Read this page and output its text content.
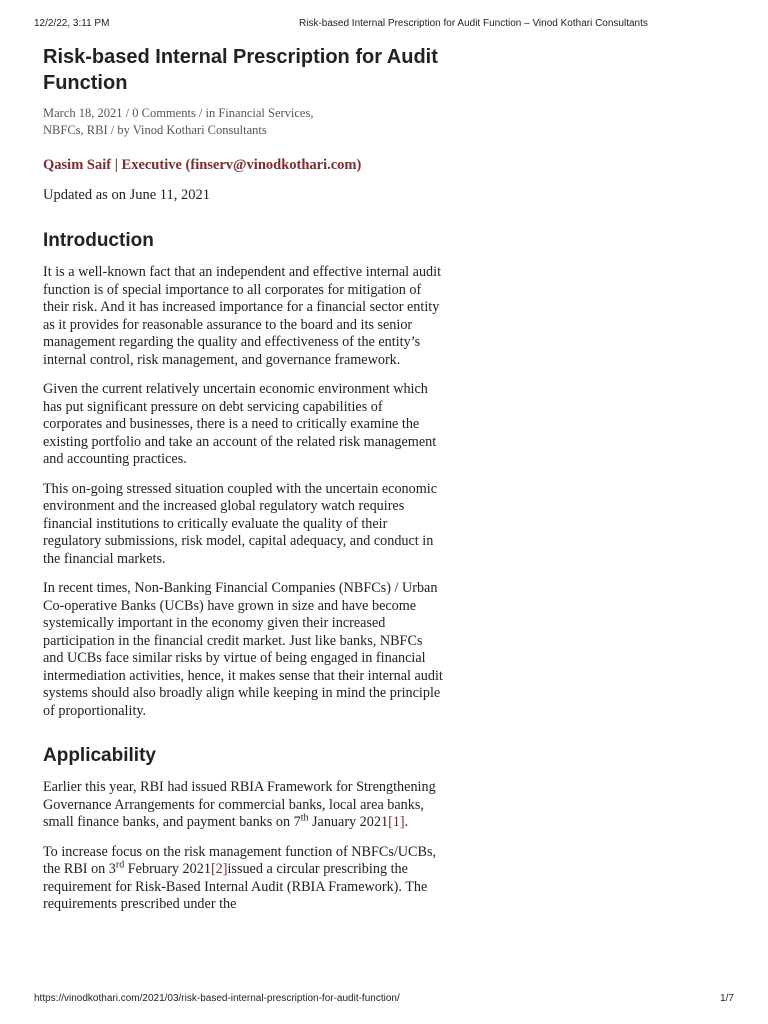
12/2/22, 3:11 PM	Risk-based Internal Prescription for Audit Function – Vinod Kothari Consultants
Risk-based Internal Prescription for Audit Function
March 18, 2021 / 0 Comments / in Financial Services, NBFCs, RBI / by Vinod Kothari Consultants
Qasim Saif | Executive (finserv@vinodkothari.com)
Updated as on June 11, 2021
Introduction

It is a well-known fact that an independent and effective internal audit function is of special importance to all corporates for mitigation of their risk. And it has increased importance for a financial sector entity as it provides for reasonable assurance to the board and its senior management regarding the quality and effectiveness of the entity’s internal control, risk management, and governance framework.

Given the current relatively uncertain economic environment which has put significant pressure on debt servicing capabilities of corporates and businesses, there is a need to critically examine the existing portfolio and take an account of the related risk management and accounting practices.

This on-going stressed situation coupled with the uncertain economic environment and the increased global regulatory watch requires financial institutions to critically evaluate the quality of their regulatory submissions, risk model, capital adequacy, and conduct in the financial markets.

In recent times, Non-Banking Financial Companies (NBFCs) / Urban Co-operative Banks (UCBs) have grown in size and have become systemically important in the economy given their increased participation in the financial credit market. Just like banks, NBFCs and UCBs face similar risks by virtue of being engaged in financial intermediation activities, hence, it makes sense that their internal audit systems should also broadly align while keeping in mind the principle of proportionality.

Applicability

Earlier this year, RBI had issued RBIA Framework for Strengthening Governance Arrangements for commercial banks, local area banks, small finance banks, and payment banks on 7th January 2021[1].

To increase focus on the risk management function of NBFCs/UCBs, the RBI on 3rd February 2021[2]issued a circular prescribing the requirement for Risk-Based Internal Audit (RBIA Framework). The requirements prescribed under the

https://vinodkothari.com/2021/03/risk-based-internal-prescription-for-audit-function/	1/7
